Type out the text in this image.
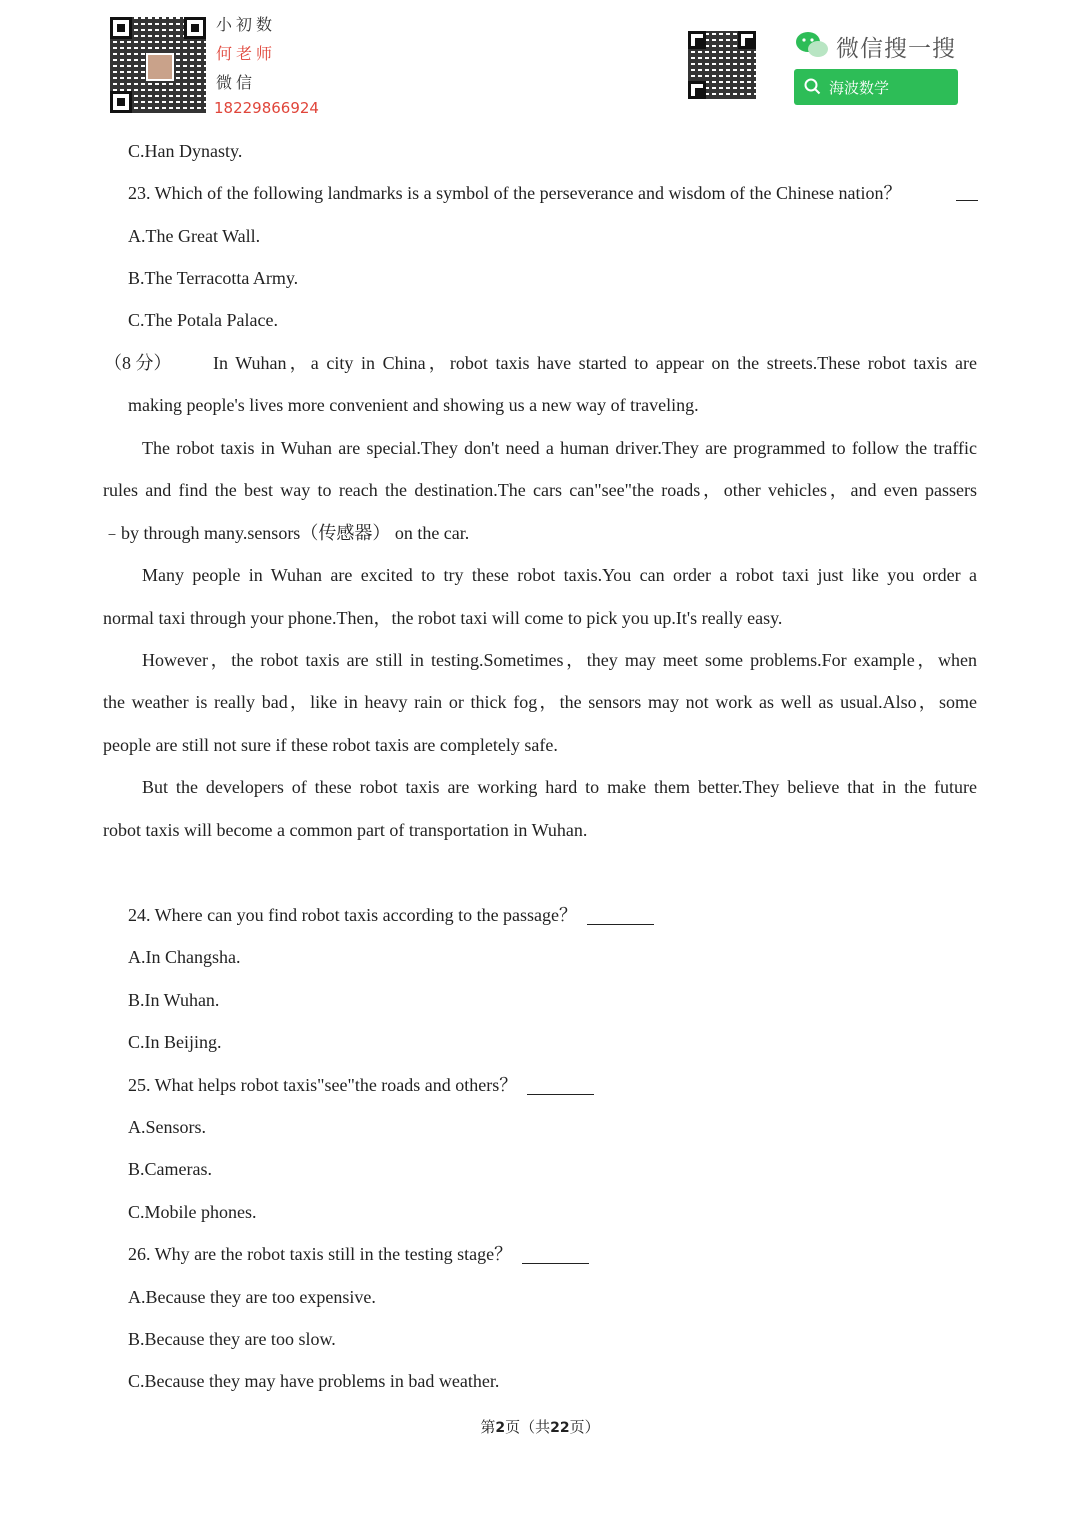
小初数
何老师
微信
18229866924
微信搜一搜
海波数学
C.Han Dynasty.
23. Which of the following landmarks is a symbol of the perseverance and wisdom of the Chinese nation？
A.The Great Wall.
B.The Terracotta Army.
C.The Potala Palace.
（8 分） In Wuhan，a city in China，robot taxis have started to appear on the streets.These robot taxis are
making people's lives more convenient and showing us a new way of traveling.
The robot taxis in Wuhan are special.They don't need a human driver.They are programmed to follow the traffic
rules and find the best way to reach the destination.The cars can"see"the roads，other vehicles，and even passers
﹣by through many.sensors（传感器） on the car.
Many people in Wuhan are excited to try these robot taxis.You can order a robot taxi just like you order a
normal taxi through your phone.Then，the robot taxi will come to pick you up.It's really easy.
However，the robot taxis are still in testing.Sometimes，they may meet some problems.For example，when
the weather is really bad，like in heavy rain or thick fog，the sensors may not work as well as usual.Also，some
people are still not sure if these robot taxis are completely safe.
But the developers of these robot taxis are working hard to make them better.They believe that in the future
robot taxis will become a common part of transportation in Wuhan.
24. Where can you find robot taxis according to the passage？
A.In Changsha.
B.In Wuhan.
C.In Beijing.
25. What helps robot taxis"see"the roads and others？
A.Sensors.
B.Cameras.
C.Mobile phones.
26. Why are the robot taxis still in the testing stage？
A.Because they are too expensive.
B.Because they are too slow.
C.Because they may have problems in bad weather.
第2页（共22页）
